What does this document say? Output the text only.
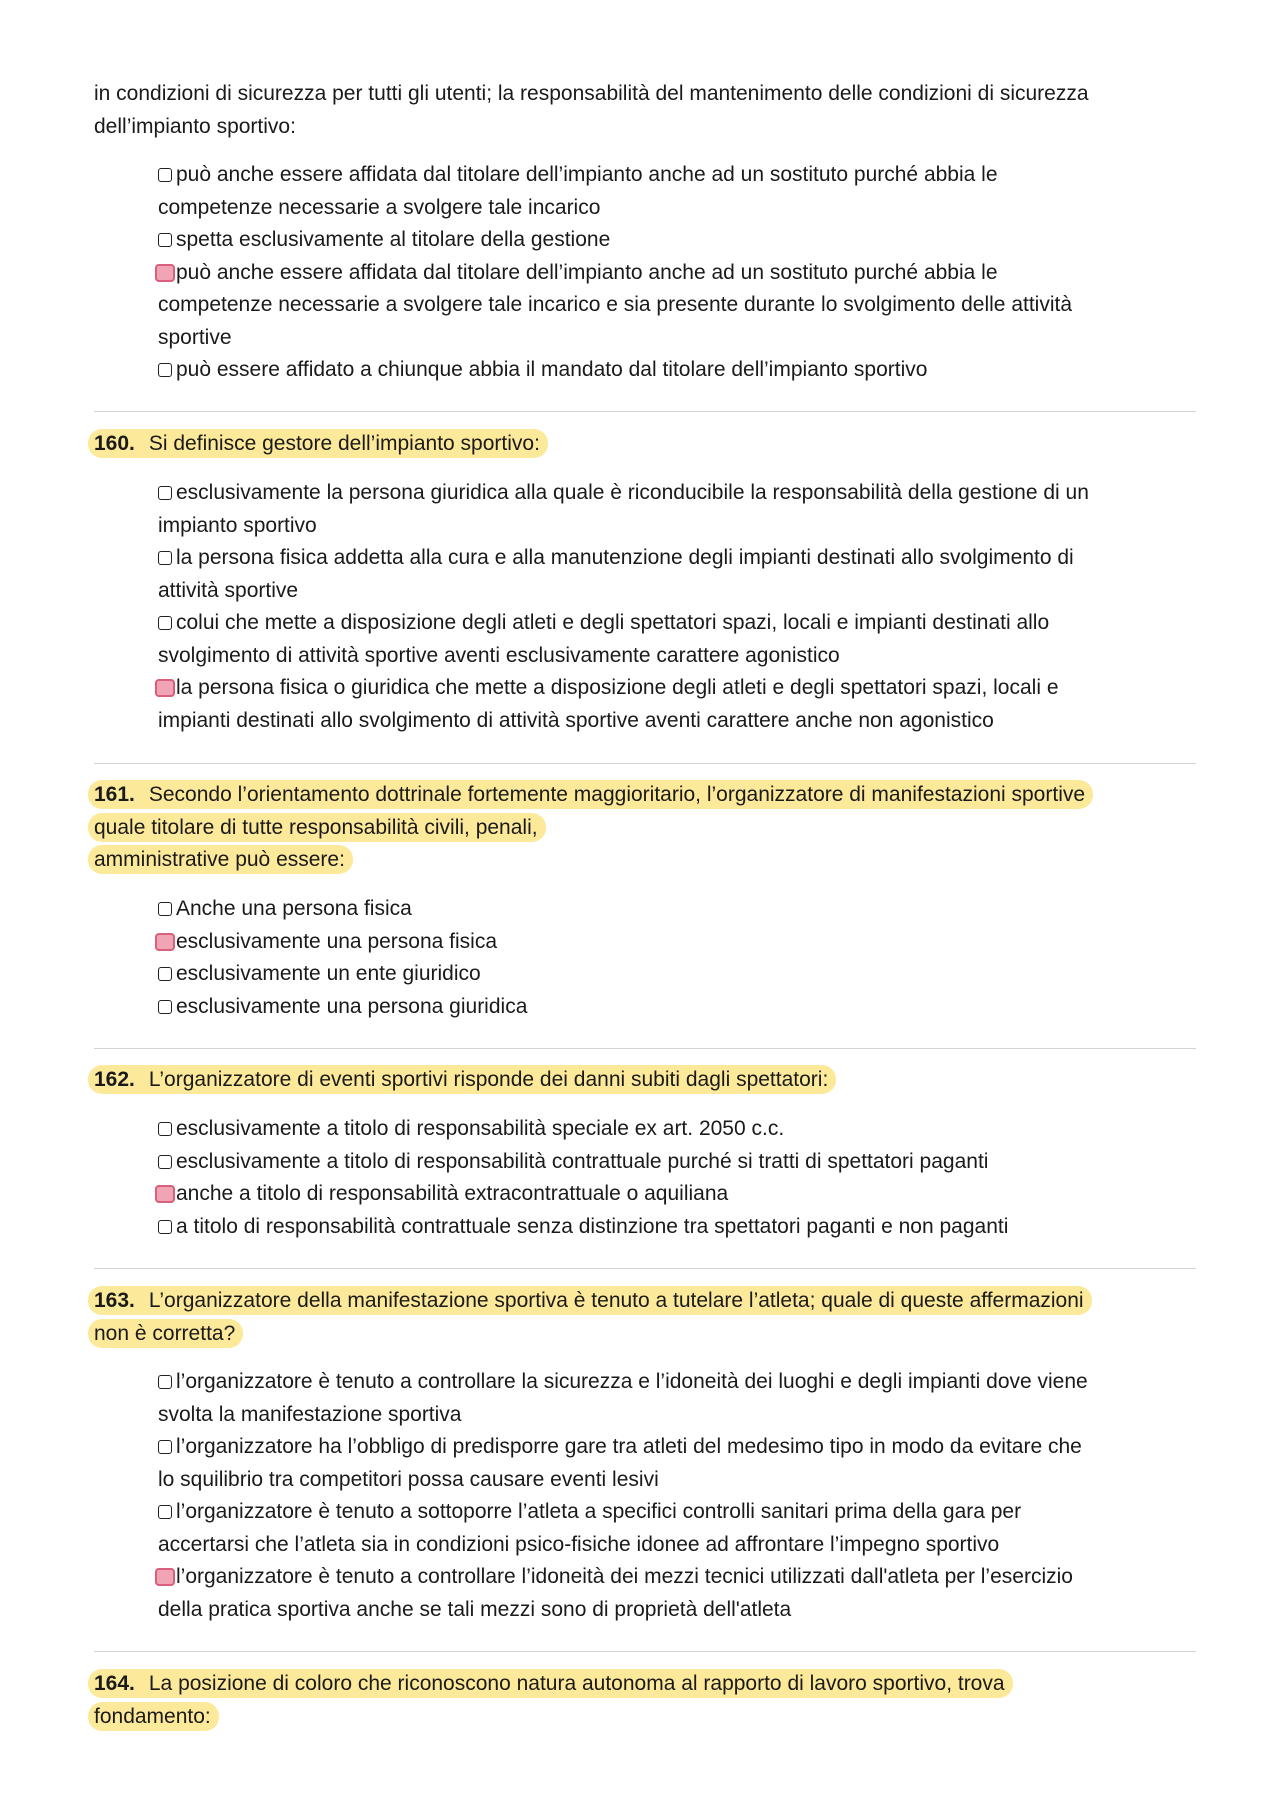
in condizioni di sicurezza per tutti gli utenti; la responsabilità del mantenimento delle condizioni di sicurezza
dell’impianto sportivo:
può anche essere affidata dal titolare dell’impianto anche ad un sostituto purché abbia le
competenze necessarie a svolgere tale incarico
spetta esclusivamente al titolare della gestione
può anche essere affidata dal titolare dell’impianto anche ad un sostituto purché abbia le
competenze necessarie a svolgere tale incarico e sia presente durante lo svolgimento delle attività
sportive
può essere affidato a chiunque abbia il mandato dal titolare dell’impianto sportivo
160. Si definisce gestore dell’impianto sportivo:
esclusivamente la persona giuridica alla quale è riconducibile la responsabilità della gestione di un
impianto sportivo
la persona fisica addetta alla cura e alla manutenzione degli impianti destinati allo svolgimento di
attività sportive
colui che mette a disposizione degli atleti e degli spettatori spazi, locali e impianti destinati allo
svolgimento di attività sportive aventi esclusivamente carattere agonistico
la persona fisica o giuridica che mette a disposizione degli atleti e degli spettatori spazi, locali e
impianti destinati allo svolgimento di attività sportive aventi carattere anche non agonistico
161. Secondo l’orientamento dottrinale fortemente maggioritario, l’organizzatore di manifestazioni sportive
quale titolare di tutte responsabilità civili, penali,
amministrative può essere:
Anche una persona fisica
esclusivamente una persona fisica
esclusivamente un ente giuridico
esclusivamente una persona giuridica
162. L’organizzatore di eventi sportivi risponde dei danni subiti dagli spettatori:
esclusivamente a titolo di responsabilità speciale ex art. 2050 c.c.
esclusivamente a titolo di responsabilità contrattuale purché si tratti di spettatori paganti
anche a titolo di responsabilità extracontrattuale o aquiliana
a titolo di responsabilità contrattuale senza distinzione tra spettatori paganti e non paganti
163. L’organizzatore della manifestazione sportiva è tenuto a tutelare l’atleta; quale di queste affermazioni
non è corretta?
l’organizzatore è tenuto a controllare la sicurezza e l’idoneità dei luoghi e degli impianti dove viene
svolta la manifestazione sportiva
l’organizzatore ha l’obbligo di predisporre gare tra atleti del medesimo tipo in modo da evitare che
lo squilibrio tra competitori possa causare eventi lesivi
l’organizzatore è tenuto a sottoporre l’atleta a specifici controlli sanitari prima della gara per
accertarsi che l’atleta sia in condizioni psico-fisiche idonee ad affrontare l’impegno sportivo
l’organizzatore è tenuto a controllare l’idoneità dei mezzi tecnici utilizzati dall'atleta per l’esercizio
della pratica sportiva anche se tali mezzi sono di proprietà dell'atleta
164. La posizione di coloro che riconoscono natura autonoma al rapporto di lavoro sportivo, trova
fondamento:
